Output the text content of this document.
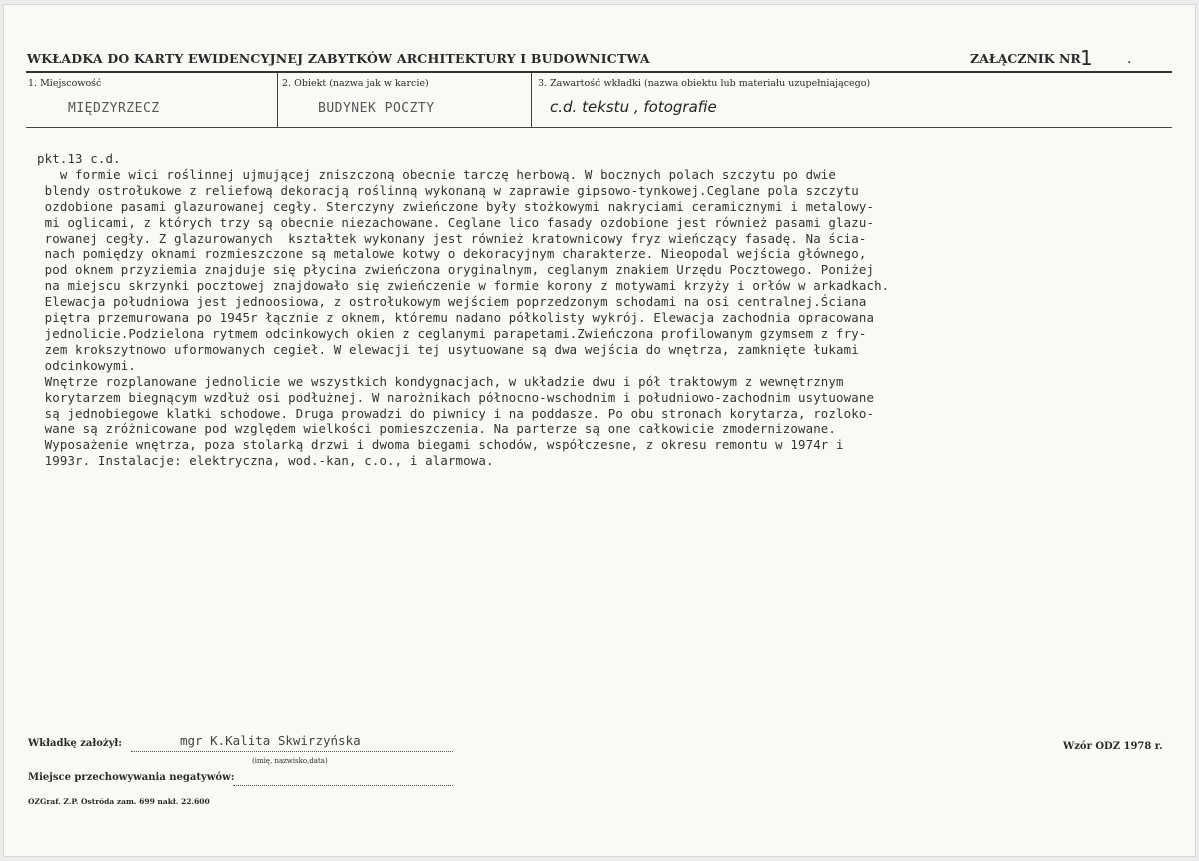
WKŁADKA DO KARTY EWIDENCYJNEJ ZABYTKÓW ARCHITEKTURY I BUDOWNICTWA	ZAŁĄCZNIK NR 1 .
1. Miejscowość
MIĘDZYRZECZ
2. Obiekt (nazwa jak w karcie)
BUDYNEK POCZTY
3. Zawartość wkładki (nazwa obiektu lub materiału uzupełniającego)
c.d. tekstu , fotografie
pkt.13 c.d.
w formie wici roślinnej ujmującej zniszczoną obecnie tarczę herbową. W bocznych polach szczytu po dwie
blendy ostrołukowe z reliefową dekoracją roślinną wykonaną w zaprawie gipsowo-tynkowej.Ceglane pola szczytu
ozdobione pasami glazurowanej cegły. Sterczyny zwieńczone były stożkowymi nakryciami ceramicznymi i metalowy-
mi oglicami, z których trzy są obecnie niezachowane. Ceglane lico fasady ozdobione jest również pasami glazu-
rowanej cegły. Z glazurowanych  kształtek wykonany jest również kratownicowy fryz wieńczący fasadę. Na ścia-
nach pomiędzy oknami rozmieszczone są metalowe kotwy o dekoracyjnym charakterze. Nieopodal wejścia głównego,
pod oknem przyziemia znajduje się płycina zwieńczona oryginalnym, ceglanym znakiem Urzędu Pocztowego. Poniżej
na miejscu skrzynki pocztowej znajdowało się zwieńczenie w formie korony z motywami krzyży i orłów w arkadkach.
Elewacja południowa jest jednoosiowa, z ostrołukowym wejściem poprzedzonym schodami na osi centralnej.Ściana
piętra przemurowana po 1945r łącznie z oknem, któremu nadano półkolisty wykrój. Elewacja zachodnia opracowana
jednolicie.Podzielona rytmem odcinkowych okien z ceglanymi parapetami.Zwieńczona profilowanym gzymsem z fry-
zem krokszytnowo uformowanych cegieł. W elewacji tej usytuowane są dwa wejścia do wnętrza, zamknięte łukami
odcinkowymi.
Wnętrze rozplanowane jednolicie we wszystkich kondygnacjach, w układzie dwu i pół traktowym z wewnętrznym
korytarzem biegnącym wzdłuż osi podłużnej. W narożnikach północno-wschodnim i południowo-zachodnim usytuowane
są jednobiegowe klatki schodowe. Druga prowadzi do piwnicy i na poddasze. Po obu stronach korytarza, rozloko-
wane są zróżnicowane pod względem wielkości pomieszczenia. Na parterze są one całkowicie zmodernizowane.
Wyposażenie wnętrza, poza stolarką drzwi i dwoma biegami schodów, współczesne, z okresu remontu w 1974r i
1993r. Instalacje: elektryczna, wod.-kan, c.o., i alarmowa.
Wkładkę założył:	mgr K.Kalita Skwirzyńska
(imię, nazwisko,data)
Miejsce przechowywania negatywów:
Wzór ODZ 1978 r.
OZGraf. Z.P. Ostróda zam. 699 nakł. 22.600
